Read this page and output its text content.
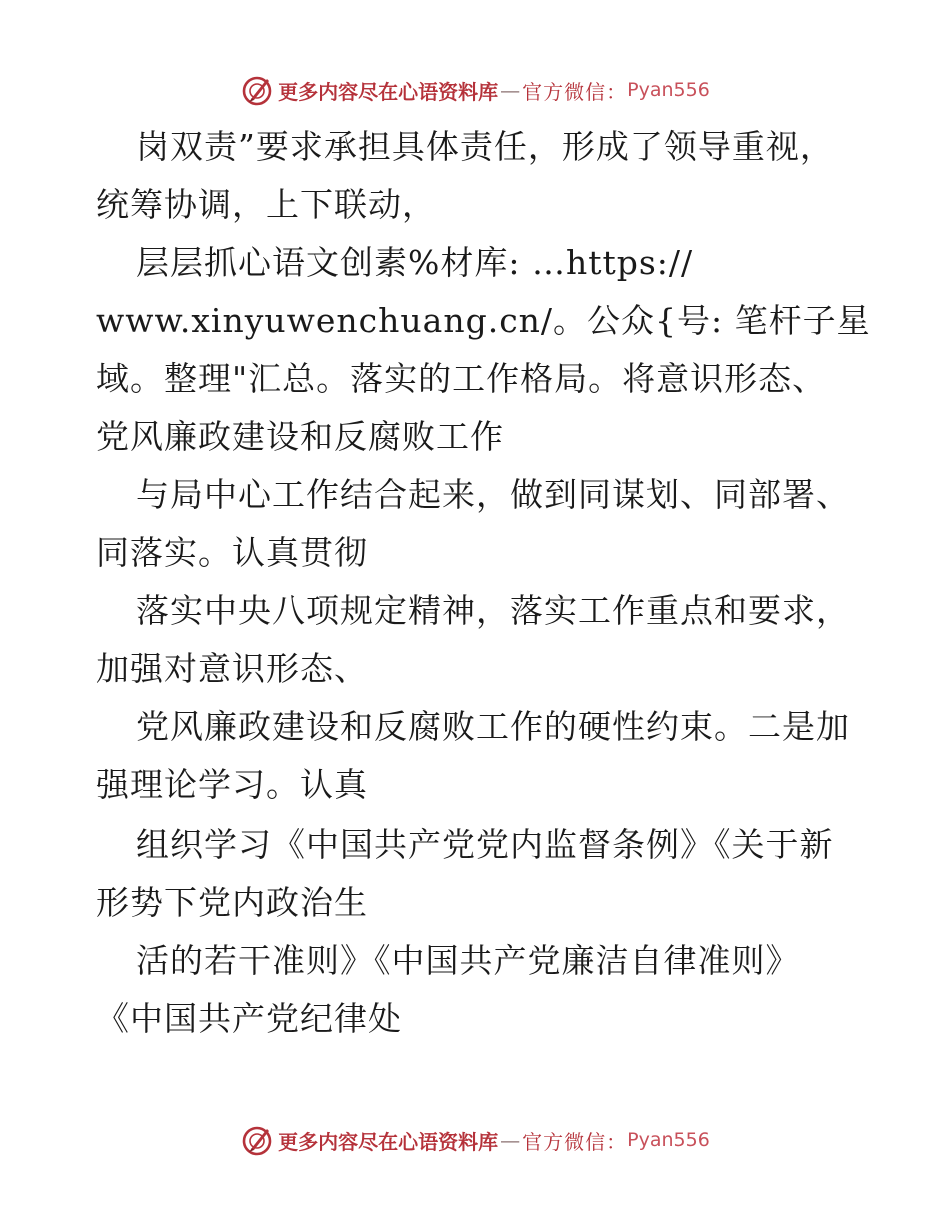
更多内容尽在心语资料库 — 官方微信： Pyan556
岗双责”要求承担具体责任，形成了领导重视，
统筹协调，上下联动，
层层抓心语文创素%材库: …https://
www.xinyuwenchuang.cn/。公众{号: 笔杆子星
域。整理"汇总。落实的工作格局。将意识形态、
党风廉政建设和反腐败工作
与局中心工作结合起来，做到同谋划、同部署、
同落实。认真贯彻
落实中央八项规定精神，落实工作重点和要求，
加强对意识形态、
党风廉政建设和反腐败工作的硬性约束。二是加
强理论学习。认真
组织学习《中国共产党党内监督条例》《关于新
形势下党内政治生
活的若干准则》《中国共产党廉洁自律准则》
《中国共产党纪律处
更多内容尽在心语资料库 — 官方微信： Pyan556
